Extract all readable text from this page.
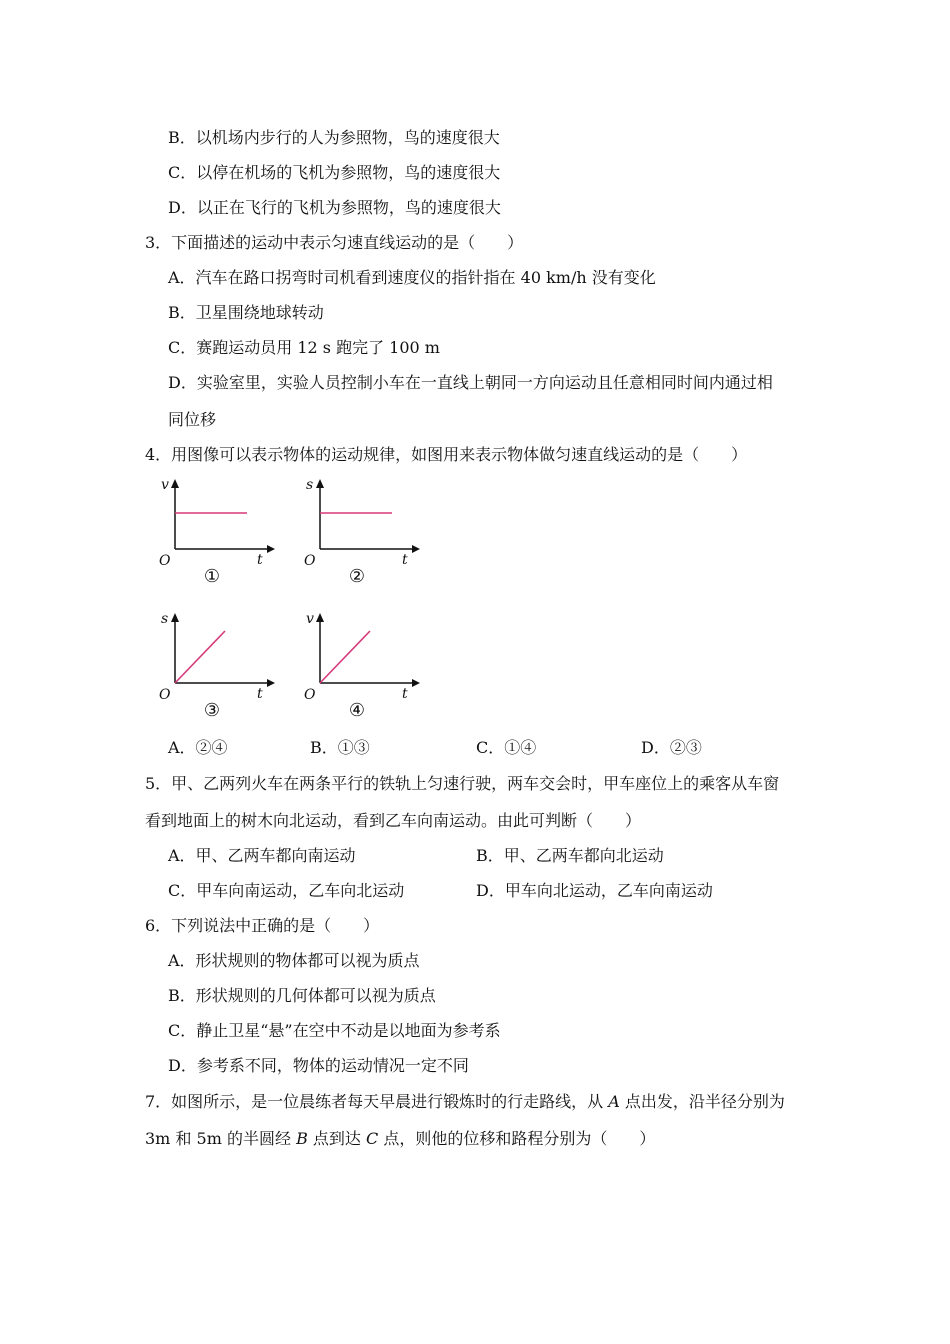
B．以机场内步行的人为参照物，鸟的速度很大
C．以停在机场的飞机为参照物，鸟的速度很大
D．以正在飞行的飞机为参照物，鸟的速度很大
3．下面描述的运动中表示匀速直线运动的是（　　）
A．汽车在路口拐弯时司机看到速度仪的指针指在 40 km/h 没有变化
B．卫星围绕地球转动
C．赛跑运动员用 12 s 跑完了 100 m
D．实验室里，实验人员控制小车在一直线上朝同一方向运动且任意相同时间内通过相
同位移
4．用图像可以表示物体的运动规律，如图用来表示物体做匀速直线运动的是（　　）
v
t
O
①
s
t
O
②
s
t
O
③
v
t
O
④
A．②④	B．①③	C．①④	D．②③
5．甲、乙两列火车在两条平行的铁轨上匀速行驶，两车交会时，甲车座位上的乘客从车窗
看到地面上的树木向北运动，看到乙车向南运动。由此可判断（　　）
A．甲、乙两车都向南运动	B．甲、乙两车都向北运动
C．甲车向南运动，乙车向北运动	D．甲车向北运动，乙车向南运动
6．下列说法中正确的是（　　）
A．形状规则的物体都可以视为质点
B．形状规则的几何体都可以视为质点
C．静止卫星“悬”在空中不动是以地面为参考系
D．参考系不同，物体的运动情况一定不同
7．如图所示，是一位晨练者每天早晨进行锻炼时的行走路线，从 A 点出发，沿半径分别为
3m 和 5m 的半圆经 B 点到达 C 点，则他的位移和路程分别为（　　）
